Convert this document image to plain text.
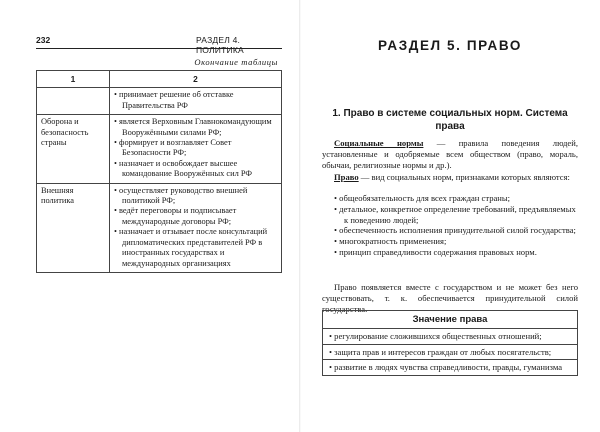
232	РАЗДЕЛ 4. ПОЛИТИКА
Окончание таблицы
1	2

	• принимает решение об отставке Правительства РФ

Оборона и безопасность страны	• является Верховным Главнокомандующим Вооружёнными силами РФ;
• формирует и возглавляет Совет Безопасности РФ;
• назначает и освобождает высшее командование Вооружённых сил РФ

Внешняя политика	• осуществляет руководство внешней политикой РФ;
• ведёт переговоры и подписывает международные договоры РФ;
• назначает и отзывает после консультаций дипломатических представителей РФ в иностранных государствах и международных организациях
РАЗДЕЛ 5. ПРАВО
1. Право в системе социальных норм. Система права

Социальные нормы — правила поведения людей, установленные и одобряемые всем обществом (право, мораль, обычаи, религиозные нормы и др.).

Право — вид социальных норм, признаками которых являются:

• общеобязательность для всех граждан страны;
• детальное, конкретное определение требований, предъявляемых к поведению людей;
• обеспеченность исполнения принудительной силой государства;
• многократность применения;
• принцип справедливости содержания правовых норм.

Право появляется вместе с государством и не может без него существовать, т. к. обеспечивается принудительной силой государства.

Значение права
• регулирование сложившихся общественных отношений;
• защита прав и интересов граждан от любых посягательств;
• развитие в людях чувства справедливости, правды, гуманизма
